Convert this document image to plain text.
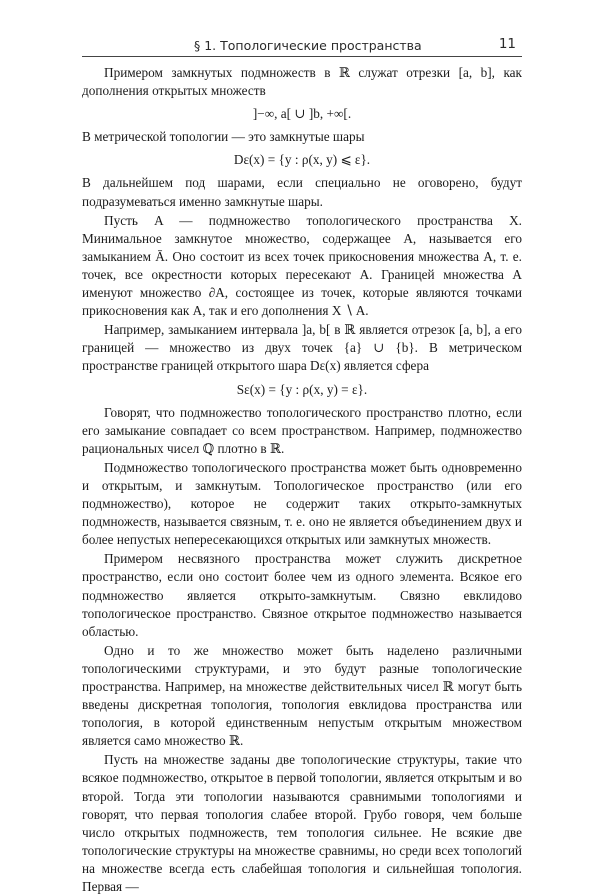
§ 1. Топологические пространства	11

Примером замкнутых подмножеств в ℝ служат отрезки [a, b], как дополнения открытых множеств

]−∞, a[ ∪ ]b, +∞[.

В метрической топологии — это замкнутые шары

Dε(x) = {y : ρ(x, y) ⩽ ε}.

В дальнейшем под шарами, если специально не оговорено, будут подразумеваться именно замкнутые шары.

Пусть A — подмножество топологического пространства X. Минимальное замкнутое множество, содержащее A, называется его замыканием Ā. Оно состоит из всех точек прикосновения множества A, т. е. точек, все окрестности которых пересекают A. Границей множества A именуют множество ∂A, состоящее из точек, которые являются точками прикосновения как A, так и его дополнения X ∖ A.

Например, замыканием интервала ]a, b[ в ℝ является отрезок [a, b], а его границей — множество из двух точек {a} ∪ {b}. В метрическом пространстве границей открытого шара Dε(x) является сфера

Sε(x) = {y : ρ(x, y) = ε}.

Говорят, что подмножество топологического пространство плотно, если его замыкание совпадает со всем пространством. Например, подмножество рациональных чисел ℚ плотно в ℝ.

Подмножество топологического пространства может быть одновременно и открытым, и замкнутым. Топологическое пространство (или его подмножество), которое не содержит таких открыто-замкнутых подмножеств, называется связным, т. е. оно не является объединением двух и более непустых непересекающихся открытых или замкнутых множеств.

Примером несвязного пространства может служить дискретное пространство, если оно состоит более чем из одного элемента. Всякое его подмножество является открыто-замкнутым. Связно евклидово топологическое пространство. Связное открытое подмножество называется областью.

Одно и то же множество может быть наделено различными топологическими структурами, и это будут разные топологические пространства. Например, на множестве действительных чисел ℝ могут быть введены дискретная топология, топология евклидова пространства или топология, в которой единственным непустым открытым множеством является само множество ℝ.

Пусть на множестве заданы две топологические структуры, такие что всякое подмножество, открытое в первой топологии, является открытым и во второй. Тогда эти топологии называются сравнимыми топологиями и говорят, что первая топология слабее второй. Грубо говоря, чем больше число открытых подмножеств, тем топология сильнее. Не всякие две топологические структуры на множестве сравнимы, но среди всех топологий на множестве всегда есть слабейшая топология и сильнейшая топология. Первая —
